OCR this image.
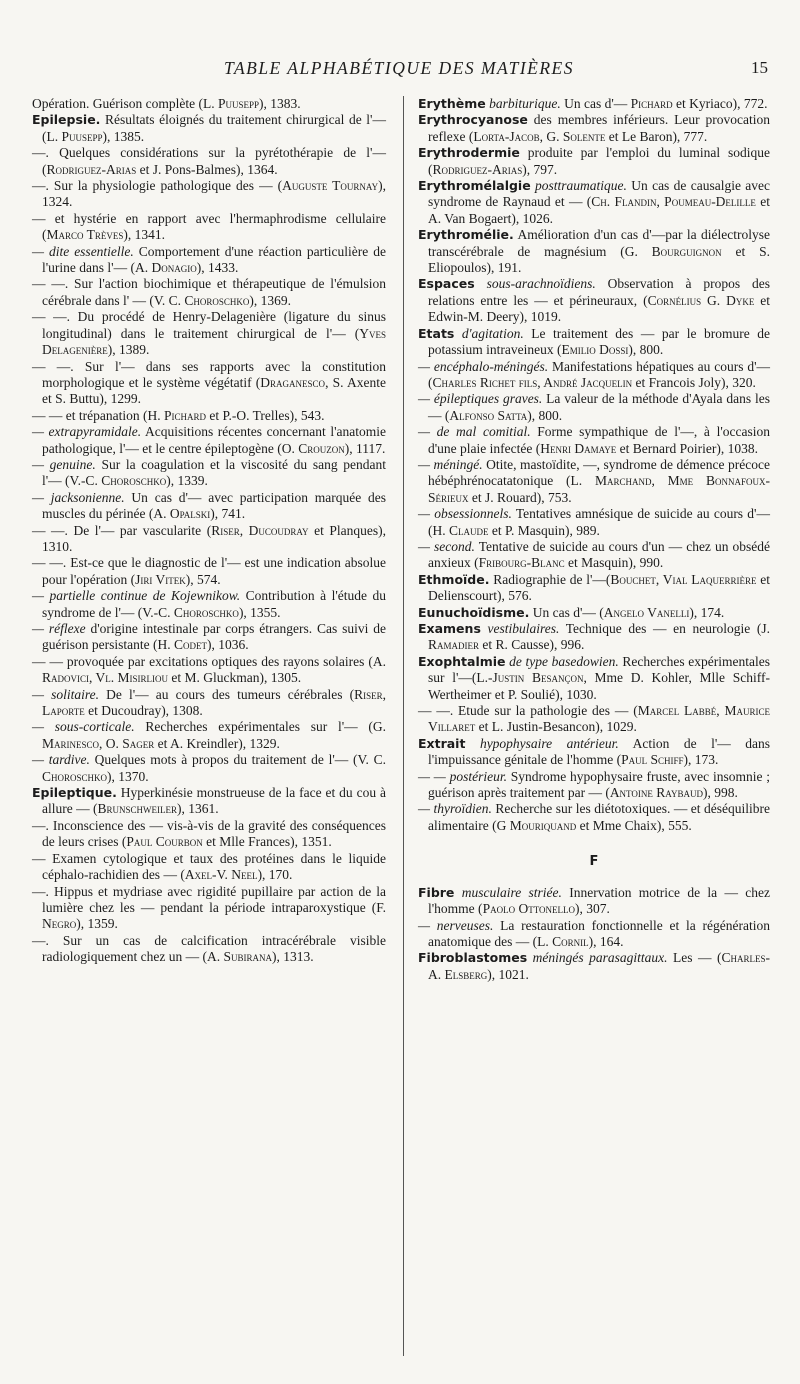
TABLE ALPHABÉTIQUE DES MATIÈRES	15

Opération. Guérison complète (L. Puusepp), 1383.

Epilepsie. Résultats éloignés du traitement chirurgical de l'— (L. Puusepp), 1385.

—. Quelques considérations sur la pyrétothérapie de l'— (Rodriguez-Arias et J. Pons-Balmes), 1364.

—. Sur la physiologie pathologique des — (Auguste Tournay), 1324.

— et hystérie en rapport avec l'hermaphrodisme cellulaire (Marco Trèves), 1341.

— dite essentielle. Comportement d'une réaction particulière de l'urine dans l'— (A. Donagio), 1433.

— —. Sur l'action biochimique et thérapeutique de l'émulsion cérébrale dans l' — (V. C. Choroschko), 1369.

— —. Du procédé de Henry-Delagenière (ligature du sinus longitudinal) dans le traitement chirurgical de l'— (Yves Delagenière), 1389.

— —. Sur l'— dans ses rapports avec la constitution morphologique et le système végétatif (Draganesco, S. Axente et S. Buttu), 1299.

— — et trépanation (H. Pichard et P.-O. Trelles), 543.

— extrapyramidale. Acquisitions récentes concernant l'anatomie pathologique, l'— et le centre épileptogène (O. Crouzon), 1117.

— genuine. Sur la coagulation et la viscosité du sang pendant l'— (V.-C. Choroschko), 1339.

— jacksonienne. Un cas d'— avec participation marquée des muscles du périnée (A. Opalski), 741.

— —. De l'— par vascularite (Riser, Ducoudray et Planques), 1310.

— —. Est-ce que le diagnostic de l'— est une indication absolue pour l'opération (Jiri Vitek), 574.

— partielle continue de Kojewnikow. Contribution à l'étude du syndrome de l'— (V.-C. Choroschko), 1355.

— réflexe d'origine intestinale par corps étrangers. Cas suivi de guérison persistante (H. Codet), 1036.

— — provoquée par excitations optiques des rayons solaires (A. Radovici, Vl. Misirliou et M. Gluckman), 1305.

— solitaire. De l'— au cours des tumeurs cérébrales (Riser, Laporte et Ducoudray), 1308.

— sous-corticale. Recherches expérimentales sur l'— (G. Marinesco, O. Sager et A. Kreindler), 1329.

— tardive. Quelques mots à propos du traitement de l'— (V. C. Choroschko), 1370.

Epileptique. Hyperkinésie monstrueuse de la face et du cou à allure — (Brunschweiler), 1361.

—. Inconscience des — vis-à-vis de la gravité des conséquences de leurs crises (Paul Courbon et Mlle Frances), 1351.

— Examen cytologique et taux des protéines dans le liquide céphalo-rachidien des — (Axel-V. Neel), 170.

—. Hippus et mydriase avec rigidité pupillaire par action de la lumière chez les — pendant la période intraparoxystique (F. Negro), 1359.

—. Sur un cas de calcification intracérébrale visible radiologiquement chez un — (A. Subirana), 1313.

Erythème barbiturique. Un cas d'— Pichard et Kyriaco), 772.

Erythrocyanose des membres inférieurs. Leur provocation reflexe (Lorta-Jacob, G. Solente et Le Baron), 777.

Erythrodermie produite par l'emploi du luminal sodique (Rodriguez-Arias), 797.

Erythromélalgie posttraumatique. Un cas de causalgie avec syndrome de Raynaud et — (Ch. Flandin, Poumeau-Delille et A. Van Bogaert), 1026.

Erythromélie. Amélioration d'un cas d'—par la diélectrolyse transcérébrale de magnésium (G. Bourguignon et S. Eliopoulos), 191.

Espaces sous-arachnoïdiens. Observation à propos des relations entre les — et périneuraux, (Cornélius G. Dyke et Edwin-M. Deery), 1019.

Etats d'agitation. Le traitement des — par le bromure de potassium intraveineux (Emilio Dossi), 800.

— encéphalo-méningés. Manifestations hépatiques au cours d'— (Charles Richet fils, André Jacquelin et Francois Joly), 320.

— épileptiques graves. La valeur de la méthode d'Ayala dans les — (Alfonso Satta), 800.

— de mal comitial. Forme sympathique de l'—, à l'occasion d'une plaie infectée (Henri Damaye et Bernard Poirier), 1038.

— méningé. Otite, mastoïdite, —, syndrome de démence précoce hébéphrénocatatonique (L. Marchand, Mme Bonnafoux-Sérieux et J. Rouard), 753.

— obsessionnels. Tentatives amnésique de suicide au cours d'— (H. Claude et P. Masquin), 989.

— second. Tentative de suicide au cours d'un — chez un obsédé anxieux (Fribourg-Blanc et Masquin), 990.

Ethmoïde. Radiographie de l'—(Bouchet, Vial Laquerrière et Delienscourt), 576.

Eunuchoïdisme. Un cas d'— (Angelo Vanelli), 174.

Examens vestibulaires. Technique des — en neurologie (J. Ramadier et R. Causse), 996.

Exophtalmie de type basedowien. Recherches expérimentales sur l'—(L.-Justin Besançon, Mme D. Kohler, Mlle Schiff-Wertheimer et P. Soulié), 1030.

— —. Etude sur la pathologie des — (Marcel Labbé, Maurice Villaret et L. Justin-Besancon), 1029.

Extrait hypophysaire antérieur. Action de l'— dans l'impuissance génitale de l'homme (Paul Schiff), 173.

— — postérieur. Syndrome hypophysaire fruste, avec insomnie ; guérison après traitement par — (Antoine Raybaud), 998.

— thyroïdien. Recherche sur les diétotoxiques. — et déséquilibre alimentaire (G Mouriquand et Mme Chaix), 555.

F

Fibre musculaire striée. Innervation motrice de la — chez l'homme (Paolo Ottonello), 307.

— nerveuses. La restauration fonctionnelle et la régénération anatomique des — (L. Cornil), 164.

Fibroblastomes méningés parasagittaux. Les — (Charles-A. Elsberg), 1021.
